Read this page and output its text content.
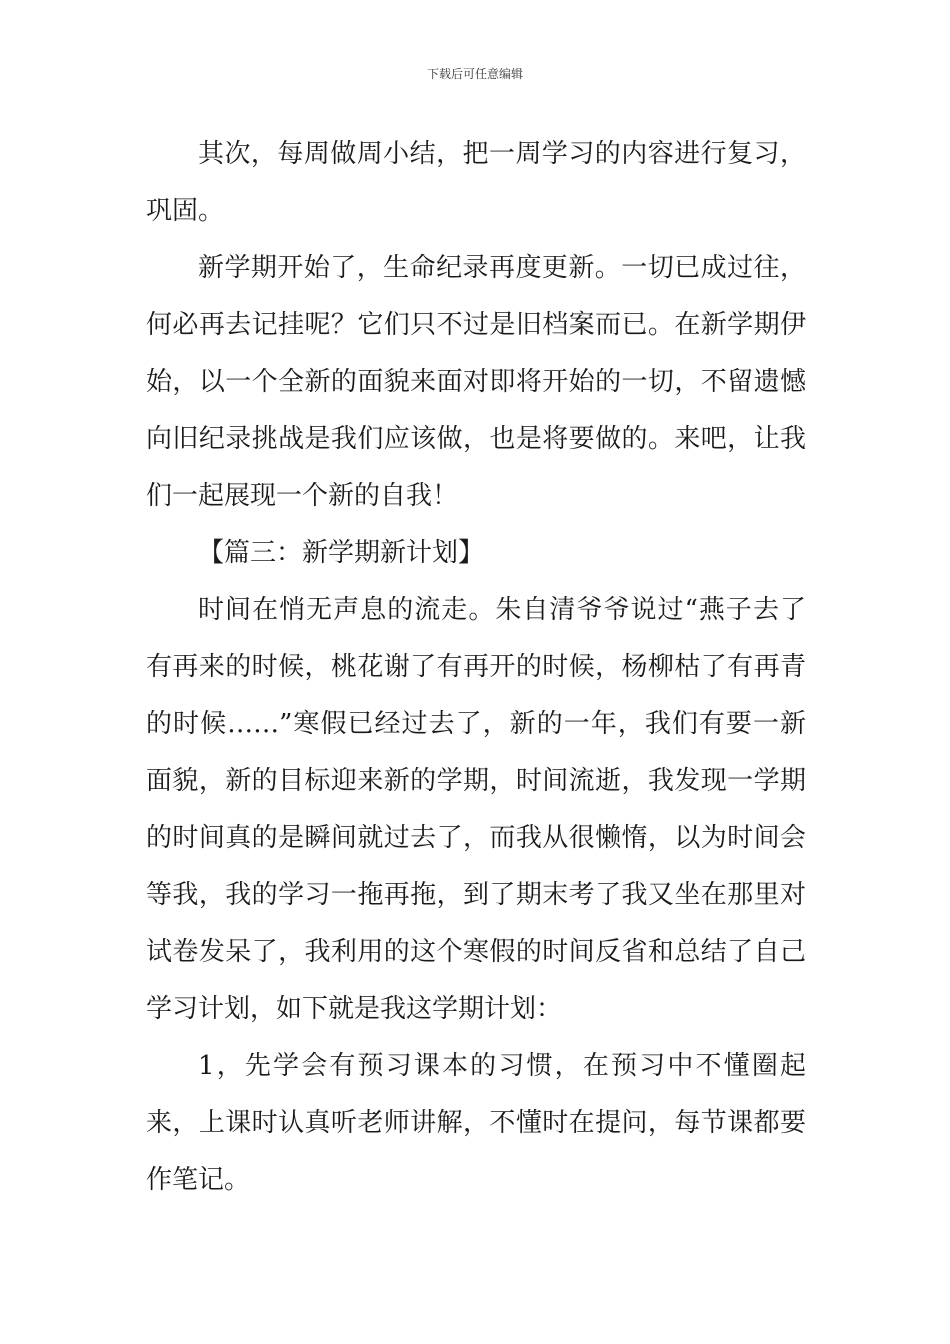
下载后可任意编辑

其次，每周做周小结，把一周学习的内容进行复习，巩固。

新学期开始了，生命纪录再度更新。一切已成过往，何必再去记挂呢？它们只不过是旧档案而已。在新学期伊始，以一个全新的面貌来面对即将开始的一切，不留遗憾向旧纪录挑战是我们应该做，也是将要做的。来吧，让我们一起展现一个新的自我！

【篇三：新学期新计划】

时间在悄无声息的流走。朱自清爷爷说过“燕子去了有再来的时候，桃花谢了有再开的时候，杨柳枯了有再青的时候……”寒假已经过去了，新的一年，我们有要一新面貌，新的目标迎来新的学期，时间流逝，我发现一学期的时间真的是瞬间就过去了，而我从很懒惰，以为时间会等我，我的学习一拖再拖，到了期末考了我又坐在那里对试卷发呆了，我利用的这个寒假的时间反省和总结了自己学习计划，如下就是我这学期计划：

1，先学会有预习课本的习惯，在预习中不懂圈起来，上课时认真听老师讲解，不懂时在提问，每节课都要作笔记。
